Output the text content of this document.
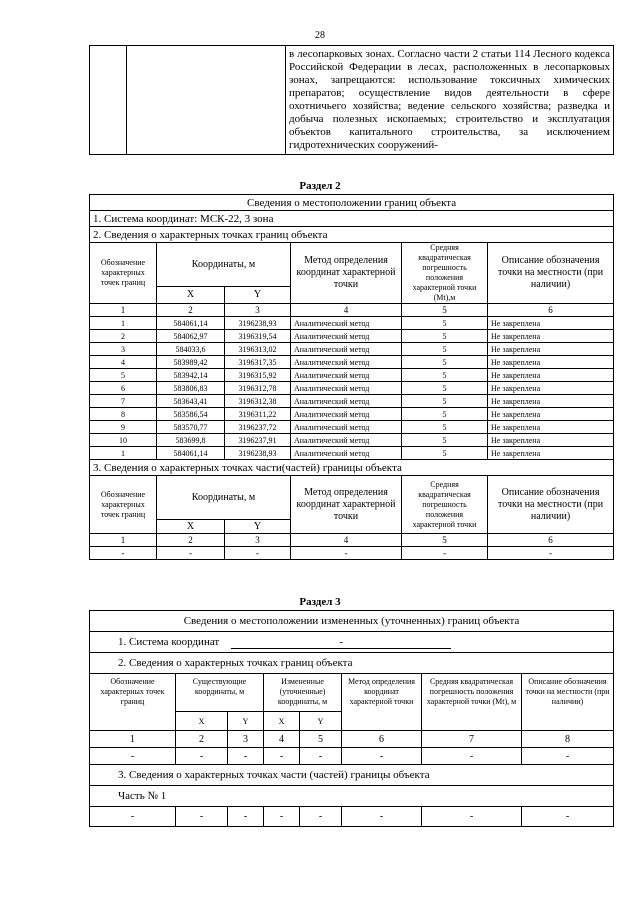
28
		в лесопарковых зонах. Согласно части 2 статьи 114 Лесного кодекса Российской Федерации в лесах, расположенных в лесопарковых зонах, запрещаются: использование токсичных химических препаратов; осуществление видов деятельности в сфере охотничьего хозяйства; ведение сельского хозяйства; разведка и добыча полезных ископаемых; строительство и эксплуатация объектов капитального строительства, за исключением гидротехнических сооружений-
Раздел 2
Сведения о местоположении границ объекта					
1. Система координат: МСК-22, 3 зона					
2. Сведения о характерных точках границ объекта					
Обозначение характерных точек границ	Координаты, м		Метод определения координат характерной точки	Средняя квадратическая погрешность положения характерной точки (Mt),м	Описание обозначения точки на местности (при наличии)
	X	Y			
1	2	3	4	5	6
1	584061,14	3196238,93	Аналитический метод	5	Не закреплена
2	584062,97	3196319,54	Аналитический метод	5	Не закреплена
3	584033,6	3196313,02	Аналитический метод	5	Не закреплена
4	583989,42	3196317,35	Аналитический метод	5	Не закреплена
5	583942,14	3196315,92	Аналитический метод	5	Не закреплена
6	583806,83	3196312,78	Аналитический метод	5	Не закреплена
7	583643,41	3196312,38	Аналитический метод	5	Не закреплена
8	583586,54	3196311,22	Аналитический метод	5	Не закреплена
9	583570,77	3196237,72	Аналитический метод	5	Не закреплена
10	583699,8	3196237,91	Аналитический метод	5	Не закреплена
1	584061,14	3196238,93	Аналитический метод	5	Не закреплена
3. Сведения о характерных точках части(частей) границы объекта					
Обозначение характерных точек границ	Координаты, м		Метод определения координат характерной точки	Средняя квадратическая погрешность положения характерной точки	Описание обозначения точки на местности (при наличии)
	X	Y			
1	2	3	4	5	6
-	-	-	-	-	-
Раздел 3
Сведения о местоположении измененных (уточненных) границ объекта							
1. Система координат -							
2. Сведения о характерных точках границ объекта							
Обозначение характерных точек границ	Существующие координаты, м		Измененные (уточненные) координаты, м		Метод определения координат характерной точки	Средняя квадратическая погрешность положения характерной точки (Mt), м	Описание обозначения точки на местности (при наличии)
	X	Y	X	Y			
1	2	3	4	5	6	7	8
-	-	-	-	-	-	-	-
3. Сведения о характерных точках части (частей) границы объекта							
Часть № 1							
-	-	-	-	-	-	-	-
